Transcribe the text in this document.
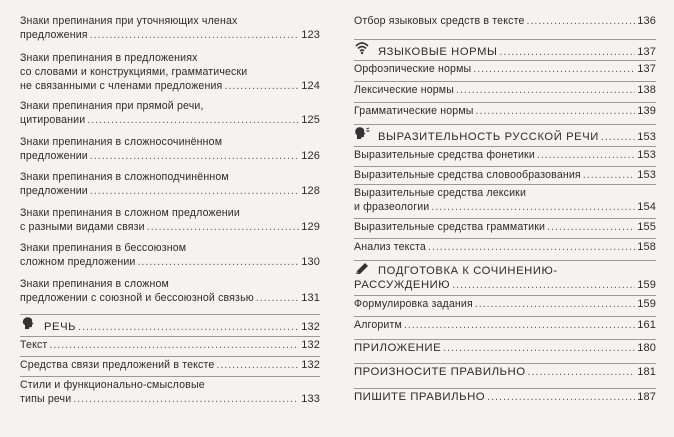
Знаки препинания при уточняющих членах
предложения .....	123
Знаки препинания в предложениях
со словами и конструкциями, грамматически
не связанными с членами предложения .....	124
Знаки препинания при прямой речи,
цитировании .....	125
Знаки препинания в сложносочинённом
предложении .....	126
Знаки препинания в сложноподчинённом
предложении .....	128
Знаки препинания в сложном предложении
с разными видами связи .....	129
Знаки препинания в бессоюзном
сложном предложении .....	130
Знаки препинания в сложном
предложении с союзной и бессоюзной связью .....	131
РЕЧЬ .....	132
Текст .....	132
Средства связи предложений в тексте .....	132
Стили и функционально-смысловые
типы речи .....	133
Отбор языковых средств в тексте .....	136
ЯЗЫКОВЫЕ НОРМЫ .....	137
Орфоэпические нормы .....	137
Лексические нормы .....	138
Грамматические нормы .....	139
ВЫРАЗИТЕЛЬНОСТЬ РУССКОЙ РЕЧИ .....	153
Выразительные средства фонетики .....	153
Выразительные средства словообразования .....	153
Выразительные средства лексики
и фразеологии .....	154
Выразительные средства грамматики .....	155
Анализ текста .....	158
ПОДГОТОВКА К СОЧИНЕНИЮ-
РАССУЖДЕНИЮ .....	159
Формулировка задания .....	159
Алгоритм .....	161
ПРИЛОЖЕНИЕ .....	180
ПРОИЗНОСИТЕ ПРАВИЛЬНО .....	181
ПИШИТЕ ПРАВИЛЬНО .....	187
